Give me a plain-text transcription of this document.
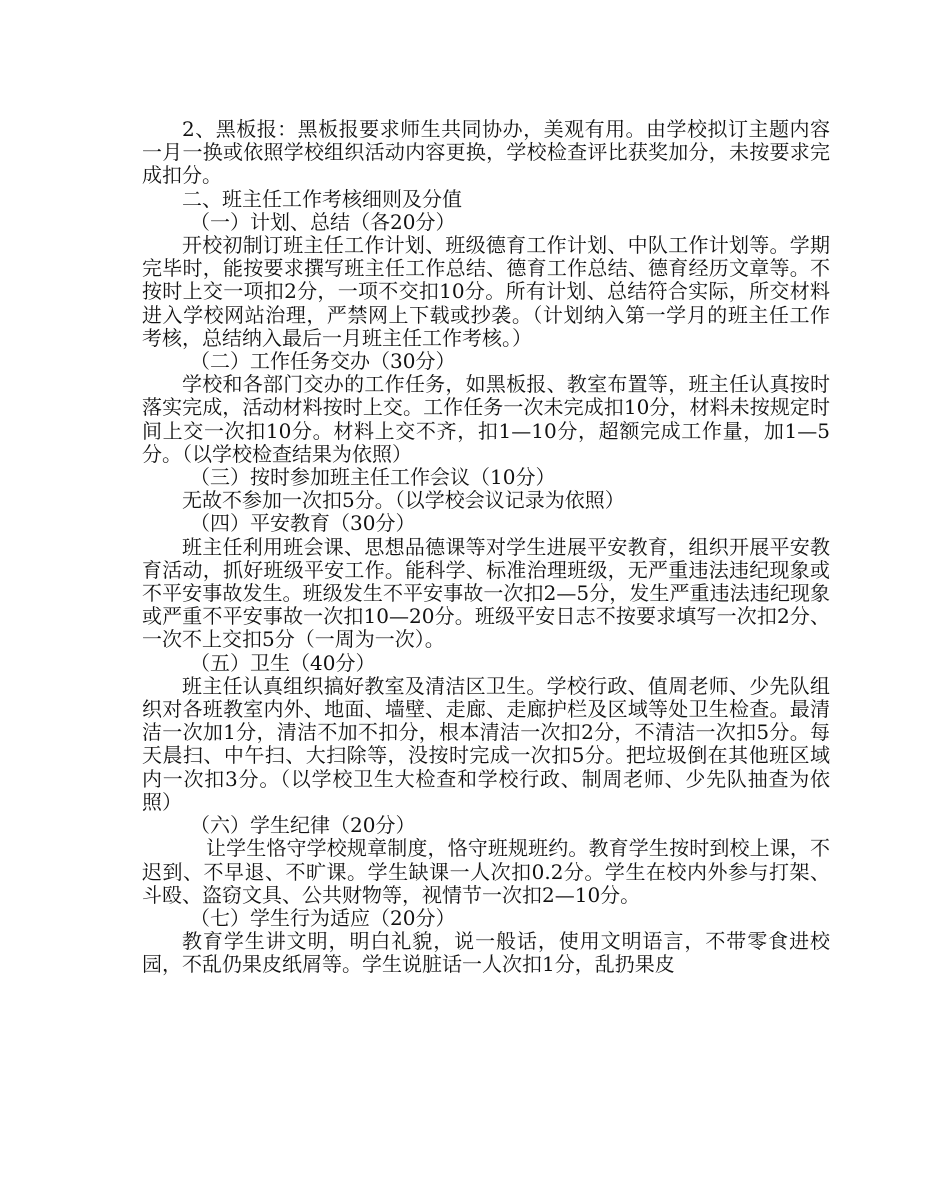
2、黑板报：黑板报要求师生共同协办，美观有用。由学校拟订主题内容一月一换或依照学校组织活动内容更换，学校检查评比获奖加分，未按要求完成扣分。

二、班主任工作考核细则及分值

（一）计划、总结（各20分）

开校初制订班主任工作计划、班级德育工作计划、中队工作计划等。学期完毕时，能按要求撰写班主任工作总结、德育工作总结、德育经历文章等。不按时上交一项扣2分，一项不交扣10分。所有计划、总结符合实际，所交材料进入学校网站治理，严禁网上下载或抄袭。（计划纳入第一学月的班主任工作考核，总结纳入最后一月班主任工作考核。）

（二）工作任务交办（30分）

学校和各部门交办的工作任务，如黑板报、教室布置等，班主任认真按时落实完成，活动材料按时上交。工作任务一次未完成扣10分，材料未按规定时间上交一次扣10分。材料上交不齐，扣1—10分，超额完成工作量，加1—5分。（以学校检查结果为依照）

（三）按时参加班主任工作会议（10分）

无故不参加一次扣5分。（以学校会议记录为依照）

（四）平安教育（30分）

班主任利用班会课、思想品德课等对学生进展平安教育，组织开展平安教育活动，抓好班级平安工作。能科学、标准治理班级，无严重违法违纪现象或不平安事故发生。班级发生不平安事故一次扣2—5分，发生严重违法违纪现象或严重不平安事故一次扣10—20分。班级平安日志不按要求填写一次扣2分、一次不上交扣5分（一周为一次）。

（五）卫生（40分）

班主任认真组织搞好教室及清洁区卫生。学校行政、值周老师、少先队组织对各班教室内外、地面、墙壁、走廊、走廊护栏及区域等处卫生检查。最清洁一次加1分，清洁不加不扣分，根本清洁一次扣2分，不清洁一次扣5分。每天晨扫、中午扫、大扫除等，没按时完成一次扣5分。把垃圾倒在其他班区域内一次扣3分。（以学校卫生大检查和学校行政、制周老师、少先队抽查为依照）

（六）学生纪律（20分）

让学生恪守学校规章制度，恪守班规班约。教育学生按时到校上课，不迟到、不早退、不旷课。学生缺课一人次扣0.2分。学生在校内外参与打架、斗殴、盗窃文具、公共财物等，视情节一次扣2—10分。

（七）学生行为适应（20分）

教育学生讲文明，明白礼貌，说一般话，使用文明语言，不带零食进校园，不乱仍果皮纸屑等。学生说脏话一人次扣1分，乱扔果皮
